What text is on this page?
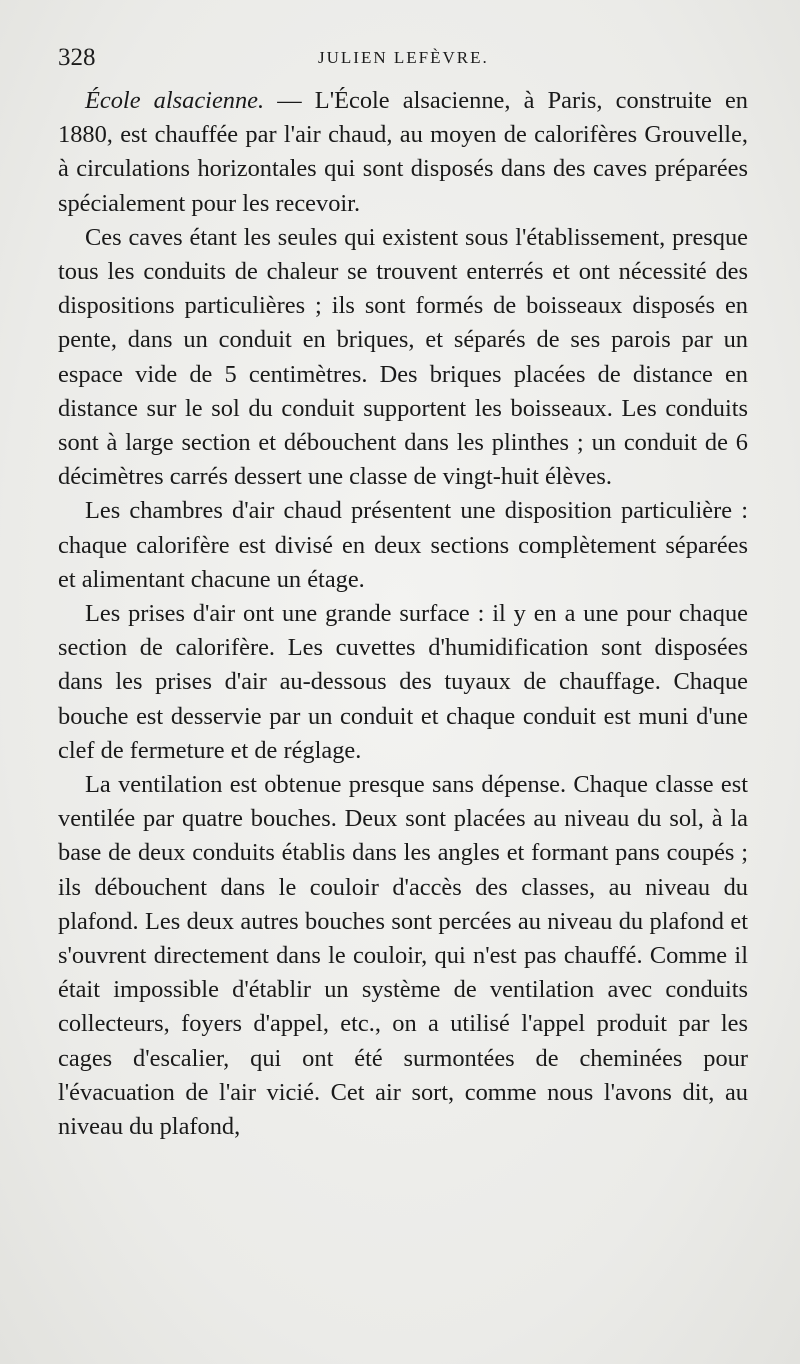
328	JULIEN LEFÈVRE.

École alsacienne. — L'École alsacienne, à Paris, construite en 1880, est chauffée par l'air chaud, au moyen de calorifères Grouvelle, à circulations horizontales qui sont disposés dans des caves préparées spécialement pour les recevoir.

Ces caves étant les seules qui existent sous l'établissement, presque tous les conduits de chaleur se trouvent enterrés et ont nécessité des dispositions particulières ; ils sont formés de boisseaux disposés en pente, dans un conduit en briques, et séparés de ses parois par un espace vide de 5 centimètres. Des briques placées de distance en distance sur le sol du conduit supportent les boisseaux. Les conduits sont à large section et débouchent dans les plinthes ; un conduit de 6 décimètres carrés dessert une classe de vingt-huit élèves.

Les chambres d'air chaud présentent une disposition particulière : chaque calorifère est divisé en deux sections complètement séparées et alimentant chacune un étage.

Les prises d'air ont une grande surface : il y en a une pour chaque section de calorifère. Les cuvettes d'humidification sont disposées dans les prises d'air au-dessous des tuyaux de chauffage. Chaque bouche est desservie par un conduit et chaque conduit est muni d'une clef de fermeture et de réglage.

La ventilation est obtenue presque sans dépense. Chaque classe est ventilée par quatre bouches. Deux sont placées au niveau du sol, à la base de deux conduits établis dans les angles et formant pans coupés ; ils débouchent dans le couloir d'accès des classes, au niveau du plafond. Les deux autres bouches sont percées au niveau du plafond et s'ouvrent directement dans le couloir, qui n'est pas chauffé. Comme il était impossible d'établir un système de ventilation avec conduits collecteurs, foyers d'appel, etc., on a utilisé l'appel produit par les cages d'escalier, qui ont été surmontées de cheminées pour l'évacuation de l'air vicié. Cet air sort, comme nous l'avons dit, au niveau du plafond,
